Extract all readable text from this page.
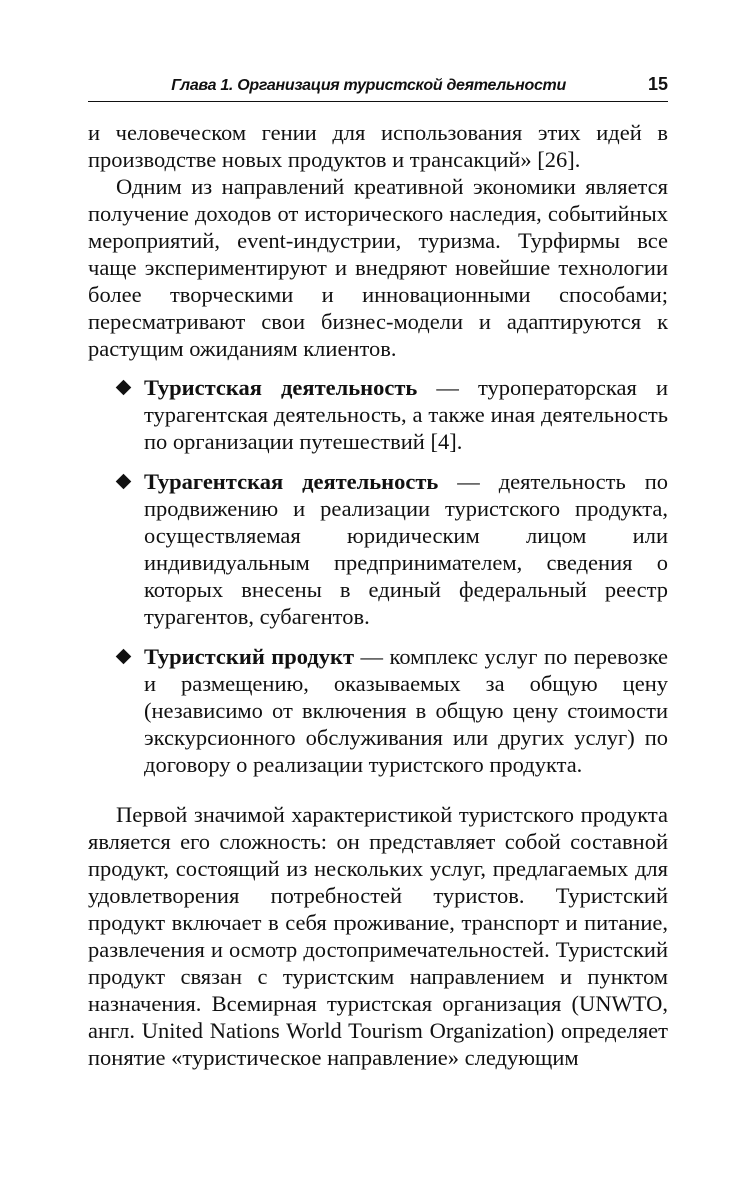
Глава 1. Организация туристской деятельности	15

и человеческом гении для использования этих идей в производстве новых продуктов и трансакций» [26].

Одним из направлений креативной экономики является получение доходов от исторического наследия, событийных мероприятий, event-индустрии, туризма. Турфирмы все чаще экспериментируют и внедряют новейшие технологии более творческими и инновационными способами; пересматривают свои бизнес-модели и адаптируются к растущим ожиданиям клиентов.

Туристская деятельность — туроператорская и турагентская деятельность, а также иная деятельность по организации путешествий [4].
Турагентская деятельность — деятельность по продвижению и реализации туристского продукта, осуществляемая юридическим лицом или индивидуальным предпринимателем, сведения о которых внесены в единый федеральный реестр турагентов, субагентов.
Туристский продукт — комплекс услуг по перевозке и размещению, оказываемых за общую цену (независимо от включения в общую цену стоимости экскурсионного обслуживания или других услуг) по договору о реализации туристского продукта.

Первой значимой характеристикой туристского продукта является его сложность: он представляет собой составной продукт, состоящий из нескольких услуг, предлагаемых для удовлетворения потребностей туристов. Туристский продукт включает в себя проживание, транспорт и питание, развлечения и осмотр достопримечательностей. Туристский продукт связан с туристским направлением и пунктом назначения. Всемирная туристская организация (UNWTO, англ. United Nations World Tourism Organization) определяет понятие «туристическое направление» следующим
